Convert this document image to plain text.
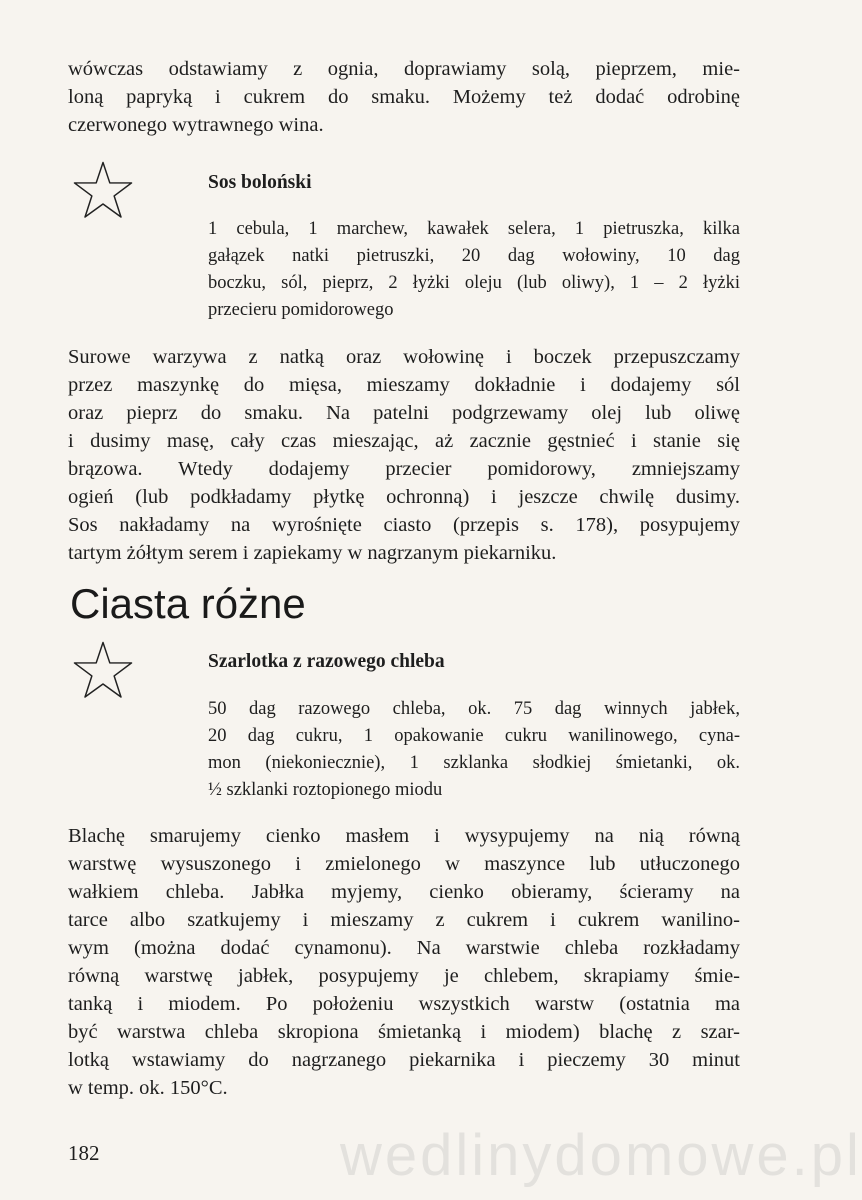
wówczas odstawiamy z ognia, doprawiamy solą, pieprzem, mie-
loną papryką i cukrem do smaku. Możemy też dodać odrobinę
czerwonego wytrawnego wina.

Sos boloński

1 cebula, 1 marchew, kawałek selera, 1 pietruszka, kilka
gałązek natki pietruszki, 20 dag wołowiny, 10 dag
boczku, sól, pieprz, 2 łyżki oleju (lub oliwy), 1 – 2 łyżki
przecieru pomidorowego

Surowe warzywa z natką oraz wołowinę i boczek przepuszczamy
przez maszynkę do mięsa, mieszamy dokładnie i dodajemy sól
oraz pieprz do smaku. Na patelni podgrzewamy olej lub oliwę
i dusimy masę, cały czas mieszając, aż zacznie gęstnieć i stanie się
brązowa. Wtedy dodajemy przecier pomidorowy, zmniejszamy
ogień (lub podkładamy płytkę ochronną) i jeszcze chwilę dusimy.
Sos nakładamy na wyrośnięte ciasto (przepis s. 178), posypujemy
tartym żółtym serem i zapiekamy w nagrzanym piekarniku.

Ciasta różne
Szarlotka z razowego chleba

50 dag razowego chleba, ok. 75 dag winnych jabłek,
20 dag cukru, 1 opakowanie cukru wanilinowego, cyna-
mon (niekoniecznie), 1 szklanka słodkiej śmietanki, ok.
½ szklanki roztopionego miodu

Blachę smarujemy cienko masłem i wysypujemy na nią równą
warstwę wysuszonego i zmielonego w maszynce lub utłuczonego
wałkiem chleba. Jabłka myjemy, cienko obieramy, ścieramy na
tarce albo szatkujemy i mieszamy z cukrem i cukrem wanilino-
wym (można dodać cynamonu). Na warstwie chleba rozkładamy
równą warstwę jabłek, posypujemy je chlebem, skrapiamy śmie-
tanką i miodem. Po położeniu wszystkich warstw (ostatnia ma
być warstwa chleba skropiona śmietanką i miodem) blachę z szar-
lotką wstawiamy do nagrzanego piekarnika i pieczemy 30 minut
w temp. ok. 150°C.

wedlinydomowe.pl
182
